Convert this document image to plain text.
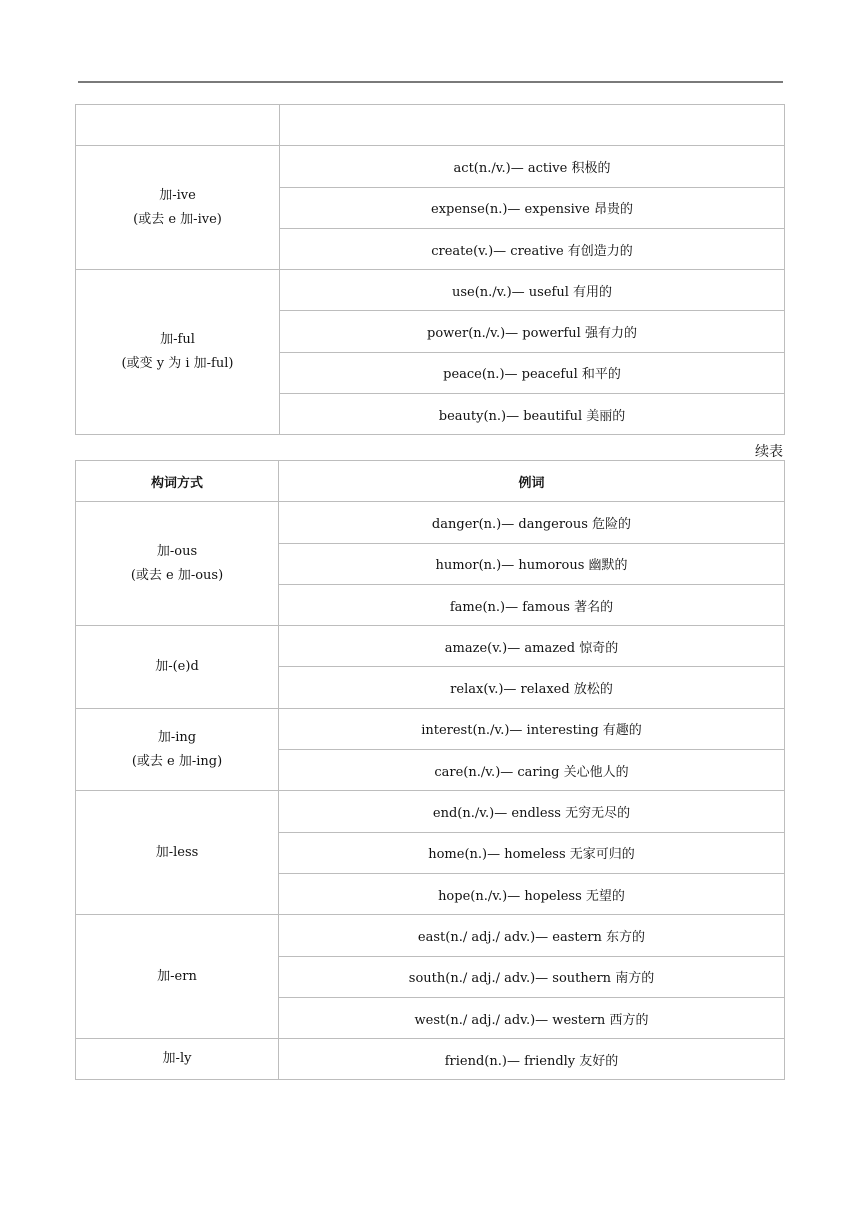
加-ive
(或去 e 加-ive)	act(n./v.)— active 积极的
	expense(n.)— expensive 昂贵的
	create(v.)— creative 有创造力的

加-ful
(或变 y 为 i 加-ful)	use(n./v.)— useful 有用的
	power(n./v.)— powerful 强有力的
	peace(n.)— peaceful 和平的
	beauty(n.)— beautiful 美丽的
续表
构词方式	例词

加-ous
(或去 e 加-ous)	danger(n.)— dangerous 危险的
	humor(n.)— humorous 幽默的
	fame(n.)— famous 著名的

加-(e)d	amaze(v.)— amazed 惊奇的
	relax(v.)— relaxed 放松的

加-ing
(或去 e 加-ing)	interest(n./v.)— interesting 有趣的
	care(n./v.)— caring 关心他人的

加-less	end(n./v.)— endless 无穷无尽的
	home(n.)— homeless 无家可归的
	hope(n./v.)— hopeless 无望的

加-ern	east(n./ adj./ adv.)— eastern 东方的
	south(n./ adj./ adv.)— southern 南方的
	west(n./ adj./ adv.)— western 西方的

加-ly	friend(n.)— friendly 友好的
